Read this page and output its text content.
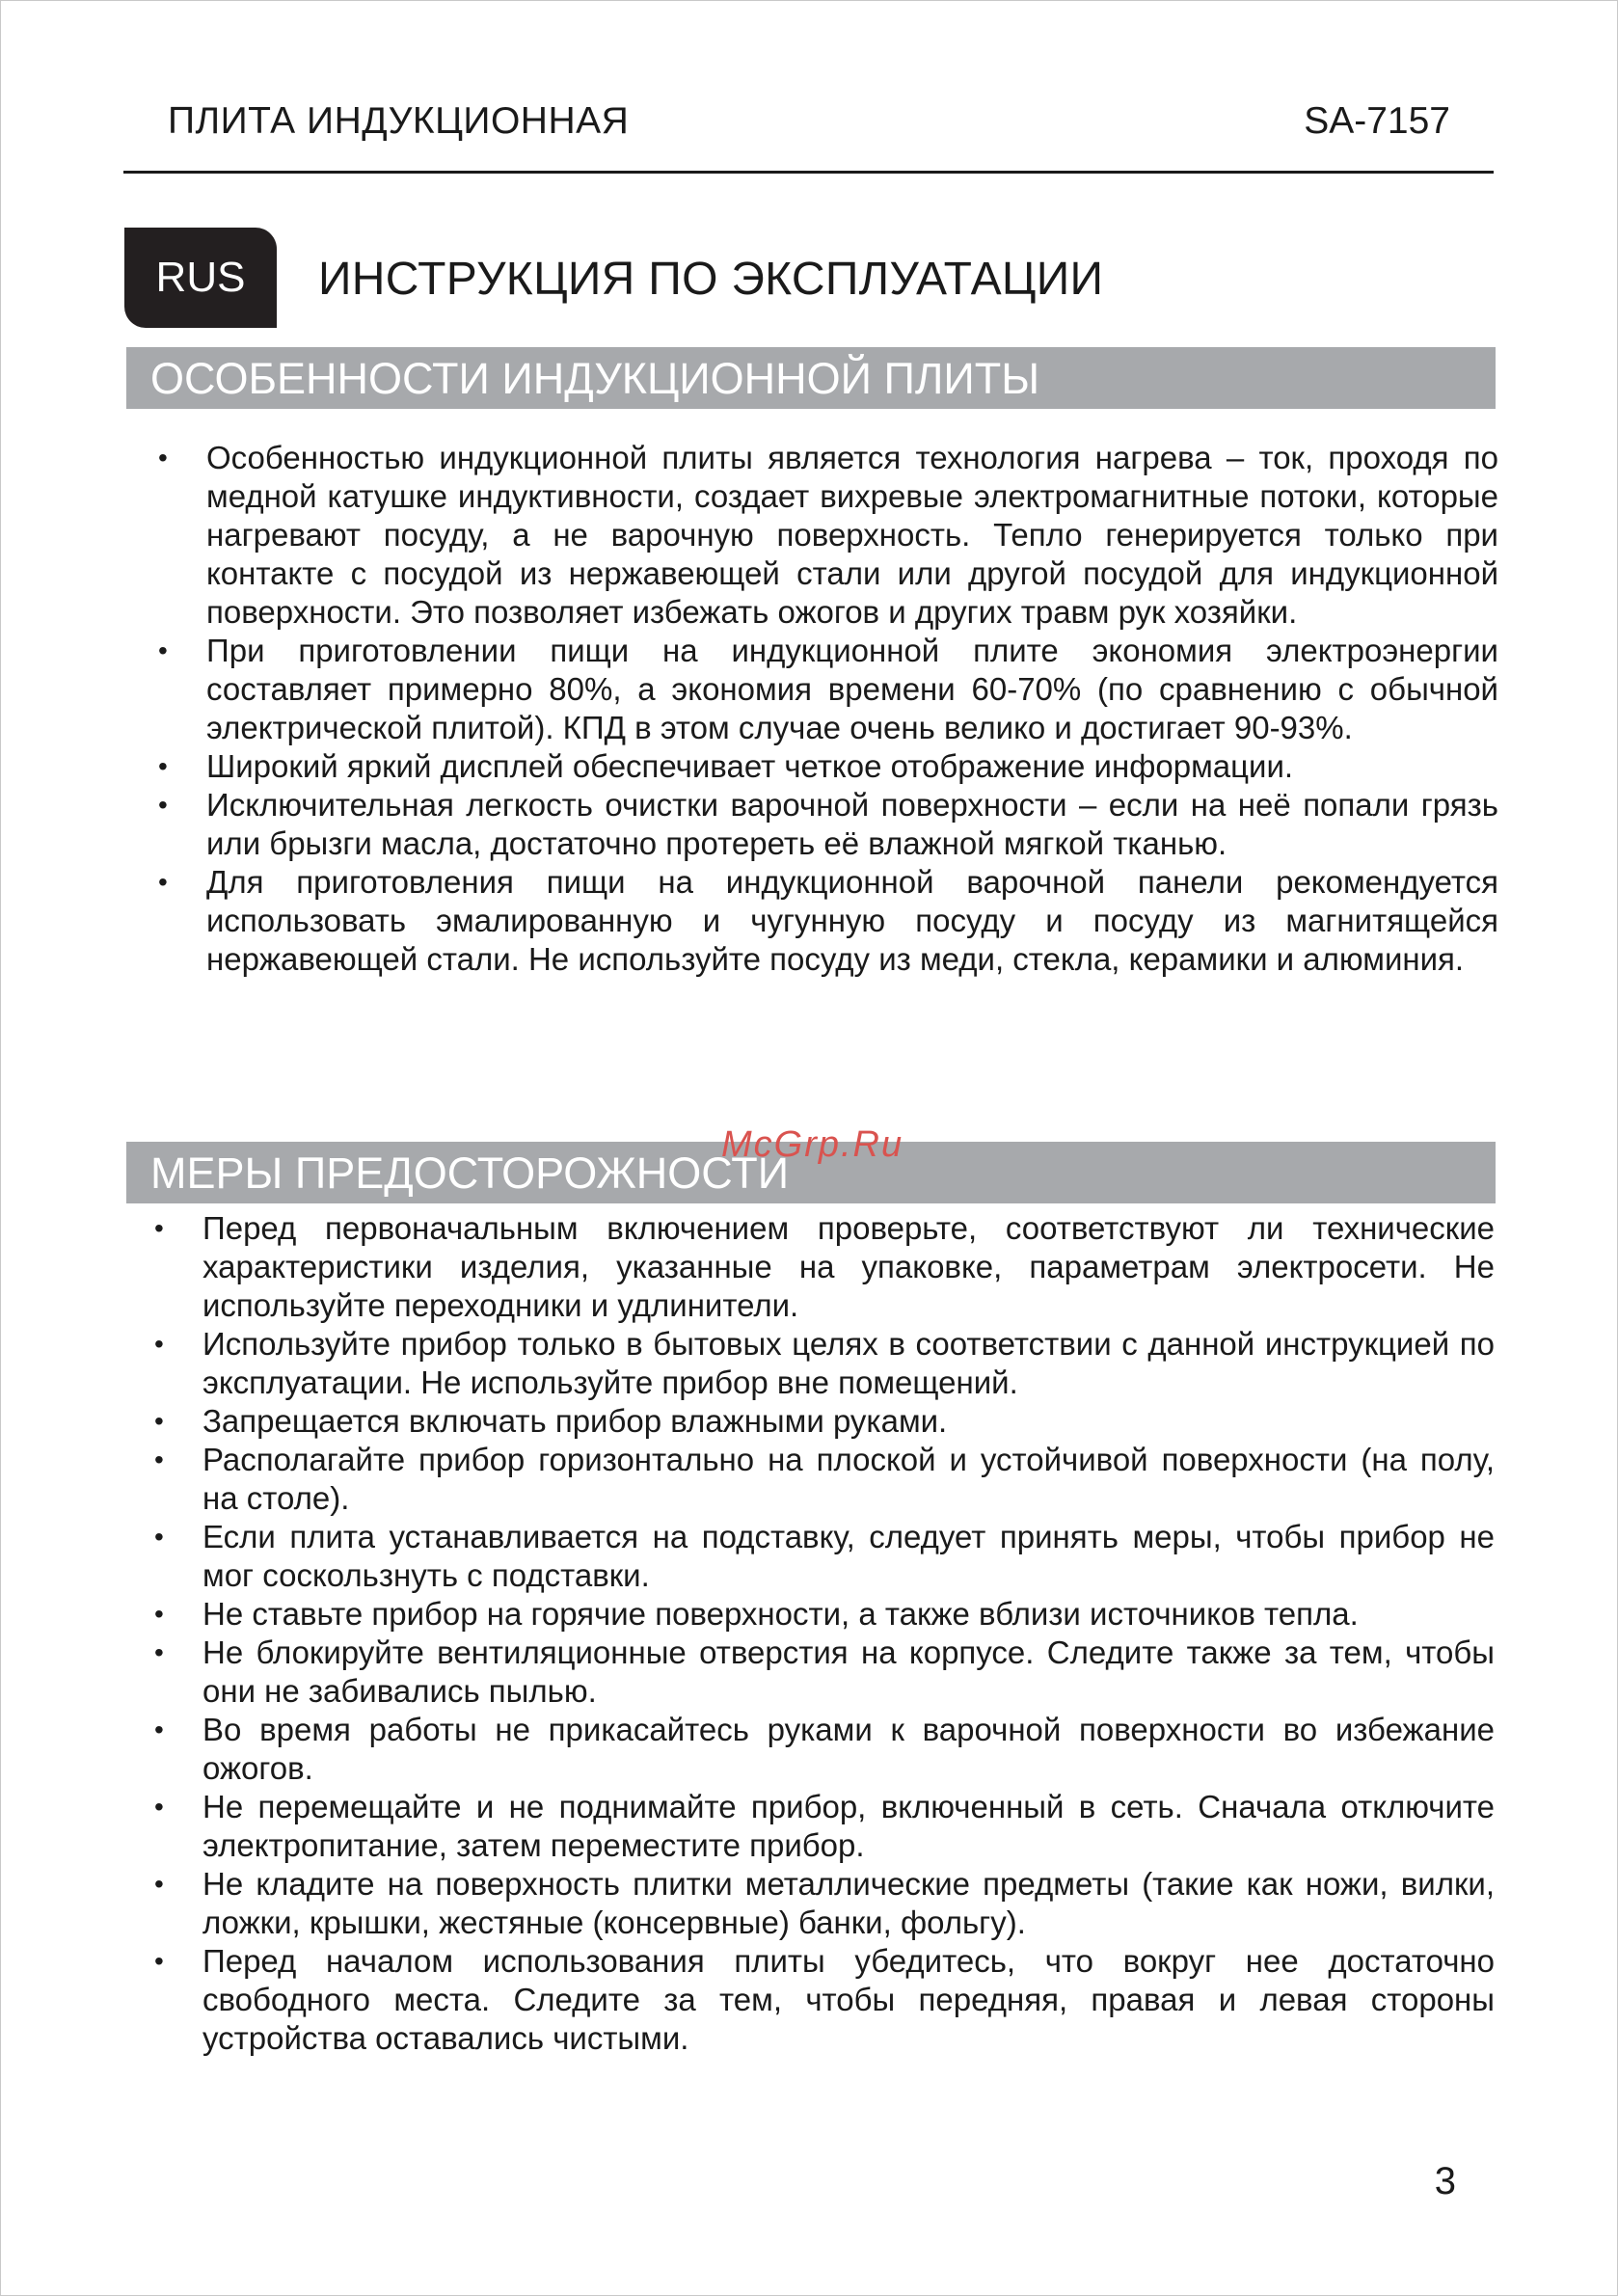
ПЛИТА ИНДУКЦИОННАЯ	SA-7157
RUS	ИНСТРУКЦИЯ ПО ЭКСПЛУАТАЦИИ
ОСОБЕННОСТИ ИНДУКЦИОННОЙ ПЛИТЫ
• Особенностью индукционной плиты является технология нагрева – ток, проходя по медной катушке индуктивности, создает вихревые электромагнитные потоки, которые нагревают посуду, а не варочную поверхность. Тепло генерируется только при контакте с посудой из нержавеющей стали или другой посудой для индукционной поверхности. Это позволяет избежать ожогов и других травм рук хозяйки.
• При приготовлении пищи на индукционной плите экономия электроэнергии составляет примерно 80%, а экономия времени 60-70% (по сравнению с обычной электрической плитой). КПД в этом случае очень велико и достигает 90-93%.
• Широкий яркий дисплей обеспечивает четкое отображение информации.
• Исключительная легкость очистки варочной поверхности – если на неё попали грязь или брызги масла, достаточно протереть её влажной мягкой тканью.
• Для приготовления пищи на индукционной варочной панели рекомендуется использовать эмалированную и чугунную посуду и посуду из магнитящейся нержавеющей стали. Не используйте посуду из меди, стекла, керамики и алюминия.
МЕРЫ ПРЕДОСТОРОЖНОСТИ
McGrp.Ru
• Перед первоначальным включением проверьте, соответствуют ли технические характеристики изделия, указанные на упаковке, параметрам электросети. Не используйте переходники и удлинители.
• Используйте прибор только в бытовых целях в соответствии с данной инструкцией по эксплуатации. Не используйте прибор вне помещений.
• Запрещается включать прибор влажными руками.
• Располагайте прибор горизонтально на плоской и устойчивой поверхности (на полу, на столе).
• Если плита устанавливается на подставку, следует принять меры, чтобы прибор не мог соскользнуть с подставки.
• Не ставьте прибор на горячие поверхности, а также вблизи источников тепла.
• Не блокируйте вентиляционные отверстия на корпусе. Следите также за тем, чтобы они не забивались пылью.
• Во время работы не прикасайтесь руками к варочной поверхности во избежание ожогов.
• Не перемещайте и не поднимайте прибор, включенный в сеть. Сначала отключите электропитание, затем переместите прибор.
• Не кладите на поверхность плитки металлические предметы (такие как ножи, вилки, ложки, крышки, жестяные (консервные) банки, фольгу).
• Перед началом использования плиты убедитесь, что вокруг нее достаточно свободного места. Следите за тем, чтобы передняя, правая и левая стороны устройства оставались чистыми.
3
